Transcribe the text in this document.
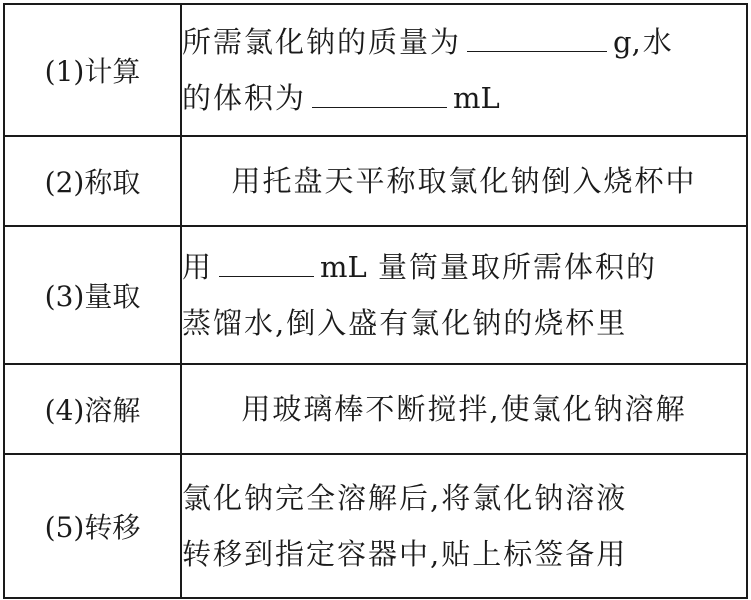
(1)计算	所需氯化钠的质量为 g,水
的体积为 mL
(2)称取	用托盘天平称取氯化钠倒入烧杯中
(3)量取	用 mL 量筒量取所需体积的
蒸馏水,倒入盛有氯化钠的烧杯里
(4)溶解	用玻璃棒不断搅拌,使氯化钠溶解
(5)转移	氯化钠完全溶解后,将氯化钠溶液
转移到指定容器中,贴上标签备用
